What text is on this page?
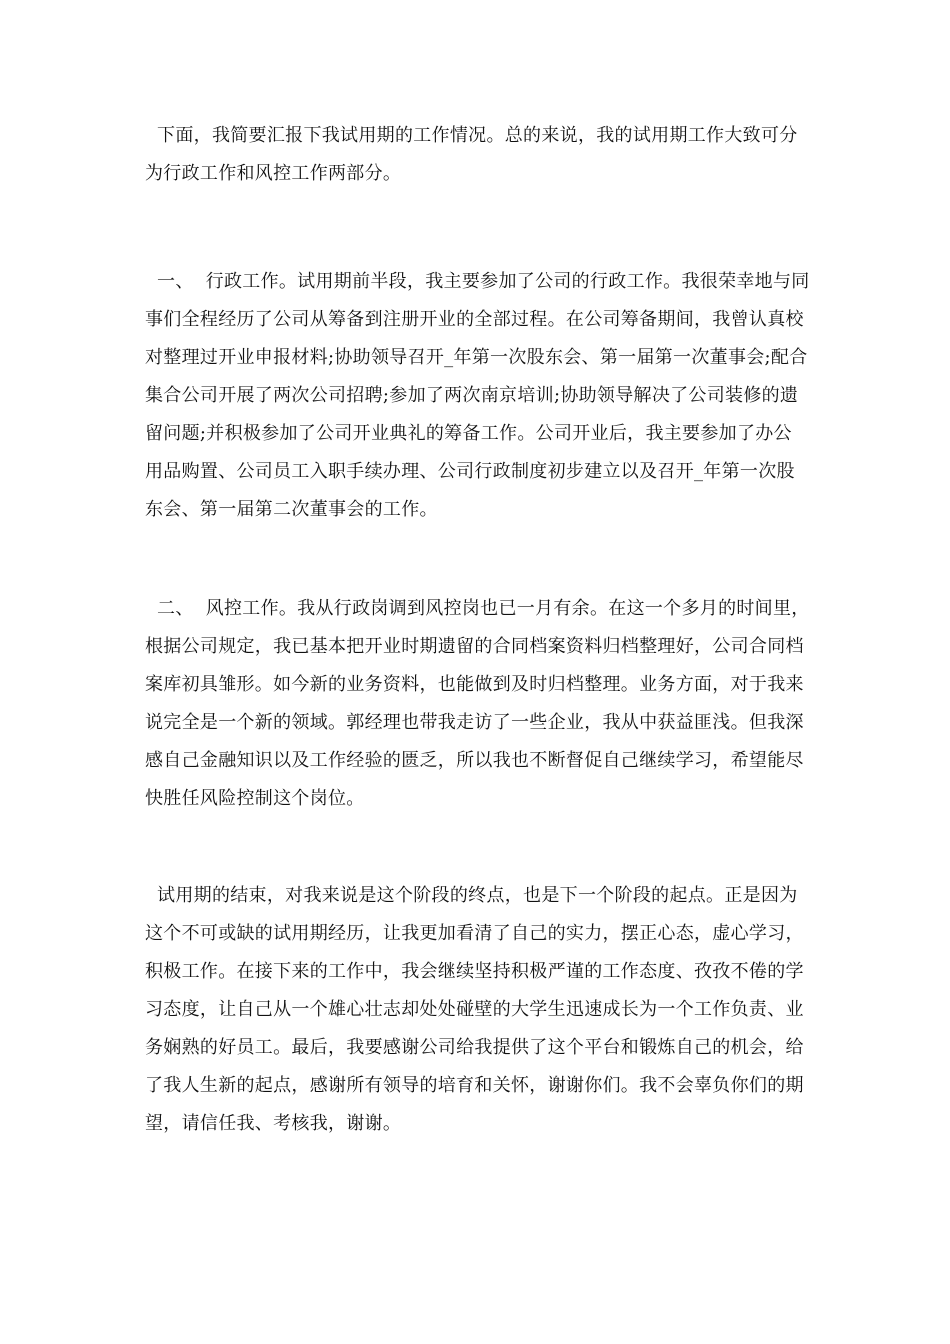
下面，我简要汇报下我试用期的工作情况。总的来说，我的试用期工作大致可分为行政工作和风控工作两部分。

一、  行政工作。试用期前半段，我主要参加了公司的行政工作。我很荣幸地与同事们全程经历了公司从筹备到注册开业的全部过程。在公司筹备期间，我曾认真校对整理过开业申报材料;协助领导召开_年第一次股东会、第一届第一次董事会;配合集合公司开展了两次公司招聘;参加了两次南京培训;协助领导解决了公司装修的遗留问题;并积极参加了公司开业典礼的筹备工作。公司开业后，我主要参加了办公用品购置、公司员工入职手续办理、公司行政制度初步建立以及召开_年第一次股东会、第一届第二次董事会的工作。

二、  风控工作。我从行政岗调到风控岗也已一月有余。在这一个多月的时间里，根据公司规定，我已基本把开业时期遗留的合同档案资料归档整理好，公司合同档案库初具雏形。如今新的业务资料，也能做到及时归档整理。业务方面，对于我来说完全是一个新的领域。郭经理也带我走访了一些企业，我从中获益匪浅。但我深感自己金融知识以及工作经验的匮乏，所以我也不断督促自己继续学习，希望能尽快胜任风险控制这个岗位。

试用期的结束，对我来说是这个阶段的终点，也是下一个阶段的起点。正是因为这个不可或缺的试用期经历，让我更加看清了自己的实力，摆正心态，虚心学习，积极工作。在接下来的工作中，我会继续坚持积极严谨的工作态度、孜孜不倦的学习态度，让自己从一个雄心壮志却处处碰壁的大学生迅速成长为一个工作负责、业务娴熟的好员工。最后，我要感谢公司给我提供了这个平台和锻炼自己的机会，给了我人生新的起点，感谢所有领导的培育和关怀，谢谢你们。我不会辜负你们的期望，请信任我、考核我，谢谢。
